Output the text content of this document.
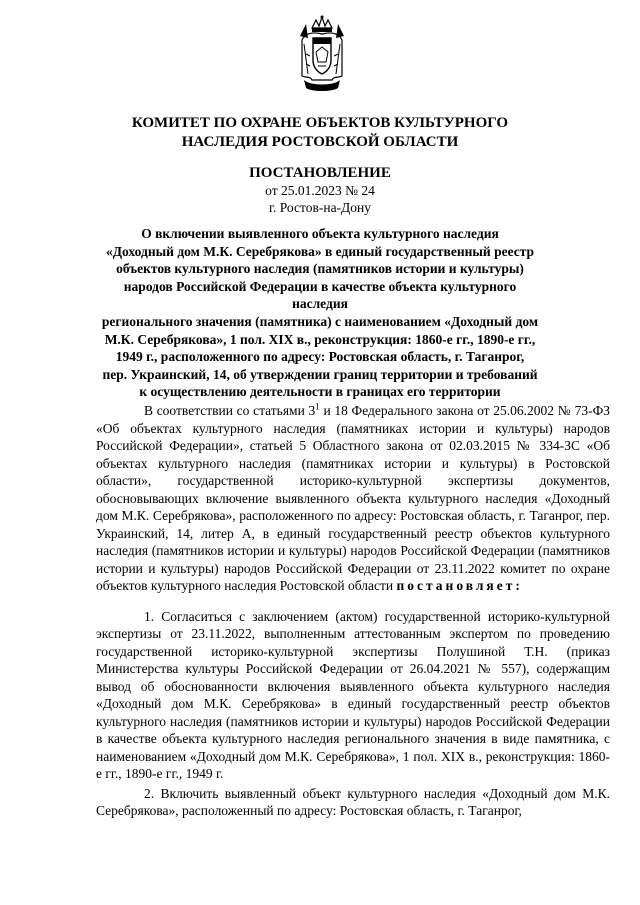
КОМИТЕТ ПО ОХРАНЕ ОБЪЕКТОВ КУЛЬТУРНОГО
НАСЛЕДИЯ РОСТОВСКОЙ ОБЛАСТИ
ПОСТАНОВЛЕНИЕ
от 25.01.2023 № 24
г. Ростов-на-Дону
О включении выявленного объекта культурного наследия
«Доходный дом М.К. Серебрякова» в единый государственный реестр
объектов культурного наследия (памятников истории и культуры)
народов Российской Федерации в качестве объекта культурного наследия
регионального значения (памятника) с наименованием «Доходный дом
М.К. Серебрякова», 1 пол. XIX в., реконструкция: 1860-е гг., 1890-е гг.,
1949 г., расположенного по адресу: Ростовская область, г. Таганрог,
пер. Украинский, 14, об утверждении границ территории и требований
к осуществлению деятельности в границах его территории

В соответствии со статьями $3^1$ и 18 Федерального закона от 25.06.2002 № 73-ФЗ «Об объектах культурного наследия (памятниках истории и культуры) народов Российской Федерации», статьей 5 Областного закона от 02.03.2015 № 334-ЗС «Об объектах культурного наследия (памятниках истории и культуры) в Ростовской области», государственной историко-культурной экспертизы документов, обосновывающих включение выявленного объекта культурного наследия «Доходный дом М.К. Серебрякова», расположенного по адресу: Ростовская область, г. Таганрог, пер. Украинский, 14, литер А, в единый государственный реестр объектов культурного наследия (памятников истории и культуры) народов Российской Федерации (памятников истории и культуры) народов Российской Федерации от 23.11.2022 комитет по охране объектов культурного наследия Ростовской области постановляет:

1. Согласиться с заключением (актом) государственной историко-культурной экспертизы от 23.11.2022, выполненным аттестованным экспертом по проведению государственной историко-культурной экспертизы Полушиной Т.Н. (приказ Министерства культуры Российской Федерации от 26.04.2021 № 557), содержащим вывод об обоснованности включения выявленного объекта культурного наследия «Доходный дом М.К. Серебрякова» в единый государственный реестр объектов культурного наследия (памятников истории и культуры) народов Российской Федерации в качестве объекта культурного наследия регионального значения в виде памятника, с наименованием «Доходный дом М.К. Серебрякова», 1 пол. XIX в., реконструкция: 1860-е гг., 1890-е гг., 1949 г.

2. Включить выявленный объект культурного наследия «Доходный дом М.К. Серебрякова», расположенный по адресу: Ростовская область, г. Таганрог,
